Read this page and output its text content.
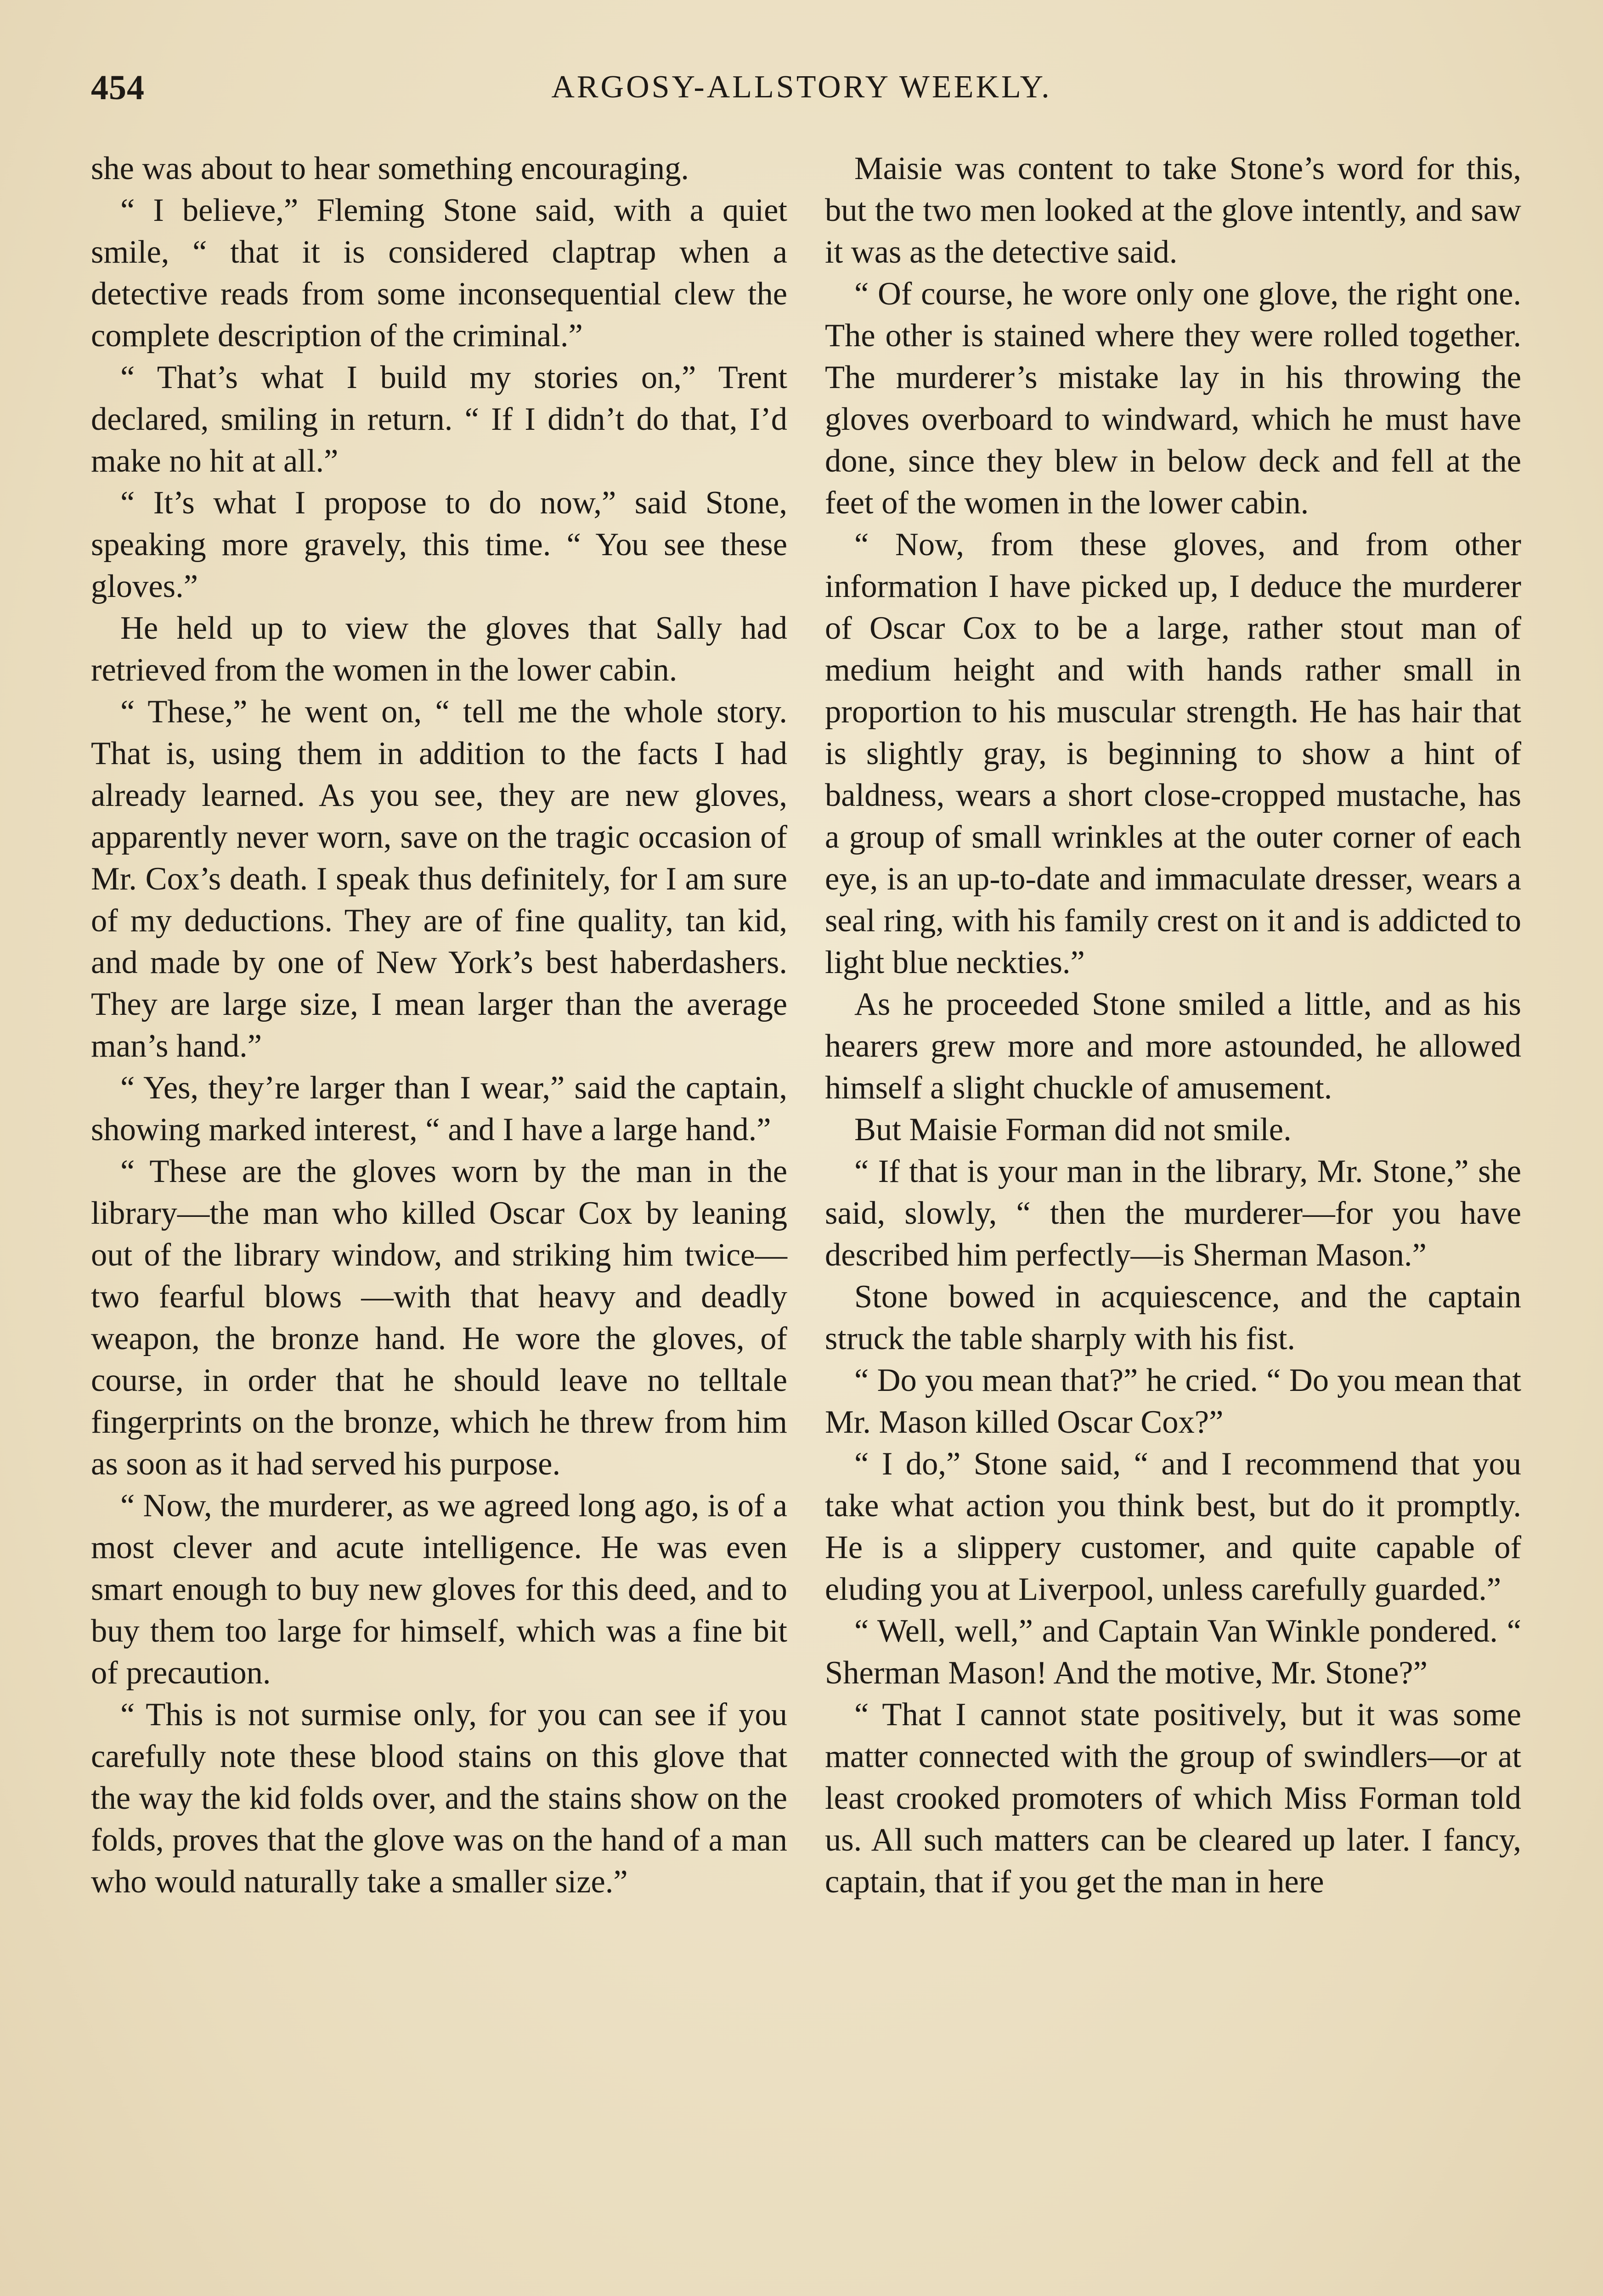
454	ARGOSY-ALLSTORY WEEKLY.

she was about to hear something encouraging.

“ I believe,” Fleming Stone said, with a quiet smile, “ that it is considered claptrap when a detective reads from some inconsequential clew the complete description of the criminal.”

“ That’s what I build my stories on,” Trent declared, smiling in return. “ If I didn’t do that, I’d make no hit at all.”

“ It’s what I propose to do now,” said Stone, speaking more gravely, this time. “ You see these gloves.”

He held up to view the gloves that Sally had retrieved from the women in the lower cabin.

“ These,” he went on, “ tell me the whole story. That is, using them in addition to the facts I had already learned. As you see, they are new gloves, apparently never worn, save on the tragic occasion of Mr. Cox’s death. I speak thus definitely, for I am sure of my deductions. They are of fine quality, tan kid, and made by one of New York’s best haberdashers. They are large size, I mean larger than the average man’s hand.”

“ Yes, they’re larger than I wear,” said the captain, showing marked interest, “ and I have a large hand.”

“ These are the gloves worn by the man in the library—the man who killed Oscar Cox by leaning out of the library window, and striking him twice—two fearful blows —with that heavy and deadly weapon, the bronze hand. He wore the gloves, of course, in order that he should leave no telltale fingerprints on the bronze, which he threw from him as soon as it had served his purpose.

“ Now, the murderer, as we agreed long ago, is of a most clever and acute intelligence. He was even smart enough to buy new gloves for this deed, and to buy them too large for himself, which was a fine bit of precaution.

“ This is not surmise only, for you can see if you carefully note these blood stains on this glove that the way the kid folds over, and the stains show on the folds, proves that the glove was on the hand of a man who would naturally take a smaller size.”

Maisie was content to take Stone’s word for this, but the two men looked at the glove intently, and saw it was as the detective said.

“ Of course, he wore only one glove, the right one. The other is stained where they were rolled together. The murderer’s mistake lay in his throwing the gloves overboard to windward, which he must have done, since they blew in below deck and fell at the feet of the women in the lower cabin.

“ Now, from these gloves, and from other information I have picked up, I deduce the murderer of Oscar Cox to be a large, rather stout man of medium height and with hands rather small in proportion to his muscular strength. He has hair that is slightly gray, is beginning to show a hint of baldness, wears a short close-cropped mustache, has a group of small wrinkles at the outer corner of each eye, is an up-to-date and immaculate dresser, wears a seal ring, with his family crest on it and is addicted to light blue neckties.”

As he proceeded Stone smiled a little, and as his hearers grew more and more astounded, he allowed himself a slight chuckle of amusement.

But Maisie Forman did not smile.

“ If that is your man in the library, Mr. Stone,” she said, slowly, “ then the murderer—for you have described him perfectly—is Sherman Mason.”

Stone bowed in acquiescence, and the captain struck the table sharply with his fist.

“ Do you mean that?” he cried. “ Do you mean that Mr. Mason killed Oscar Cox?”

“ I do,” Stone said, “ and I recommend that you take what action you think best, but do it promptly. He is a slippery customer, and quite capable of eluding you at Liverpool, unless carefully guarded.”

“ Well, well,” and Captain Van Winkle pondered. “ Sherman Mason! And the motive, Mr. Stone?”

“ That I cannot state positively, but it was some matter connected with the group of swindlers—or at least crooked promoters of which Miss Forman told us. All such matters can be cleared up later. I fancy, captain, that if you get the man in here
